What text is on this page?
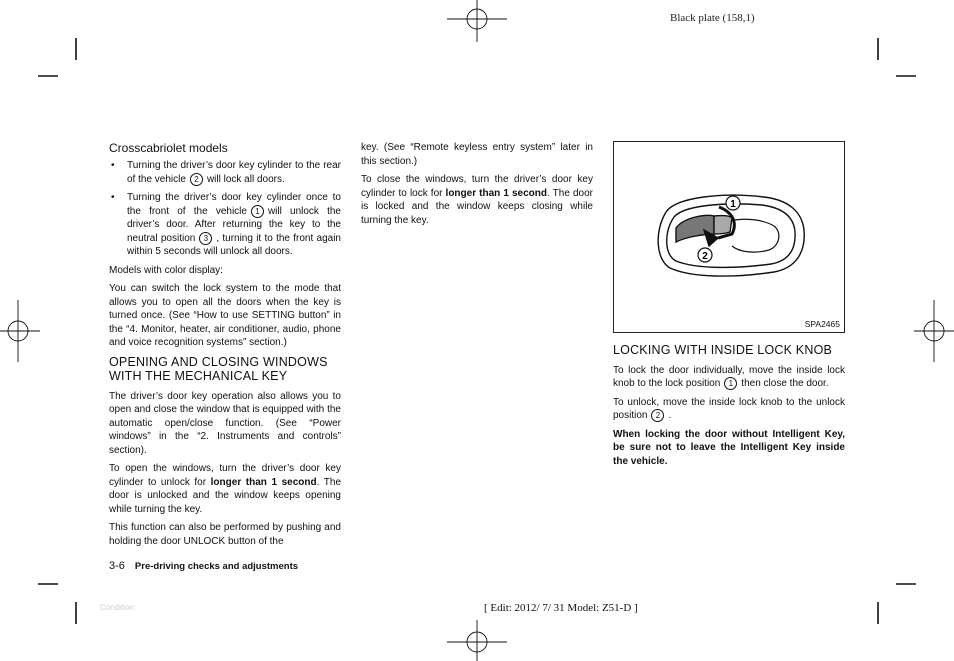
Black plate (158,1)
Crosscabriolet models
• Turning the driver’s door key cylinder to the rear of the vehicle 2 will lock all doors.
• Turning the driver’s door key cylinder once to the front of the vehicle 1 will unlock the driver’s door. After returning the key to the neutral position 3 , turning it to the front again within 5 seconds will unlock all doors.

Models with color display:

You can switch the lock system to the mode that allows you to open all the doors when the key is turned once. (See “How to use SETTING button” in the “4. Monitor, heater, air conditioner, audio, phone and voice recognition systems” section.)

OPENING AND CLOSING WINDOWS WITH THE MECHANICAL KEY

The driver’s door key operation also allows you to open and close the window that is equipped with the automatic open/close function. (See “Power windows” in the “2. Instruments and controls” section).

To open the windows, turn the driver’s door key cylinder to unlock for longer than 1 second. The door is unlocked and the window keeps opening while turning the key.

This function can also be performed by pushing and holding the door UNLOCK button of the

key. (See “Remote keyless entry system” later in this section.)

To close the windows, turn the driver’s door key cylinder to lock for longer than 1 second. The door is locked and the window keeps closing while turning the key.

1
2
SPA2465
LOCKING WITH INSIDE LOCK KNOB

To lock the door individually, move the inside lock knob to the lock position 1 then close the door.

To unlock, move the inside lock knob to the unlock position 2 .

When locking the door without Intelligent Key, be sure not to leave the Intelligent Key inside the vehicle.

3-6 Pre-driving checks and adjustments
Condition:	[ Edit: 2012/ 7/ 31 Model: Z51-D ]
